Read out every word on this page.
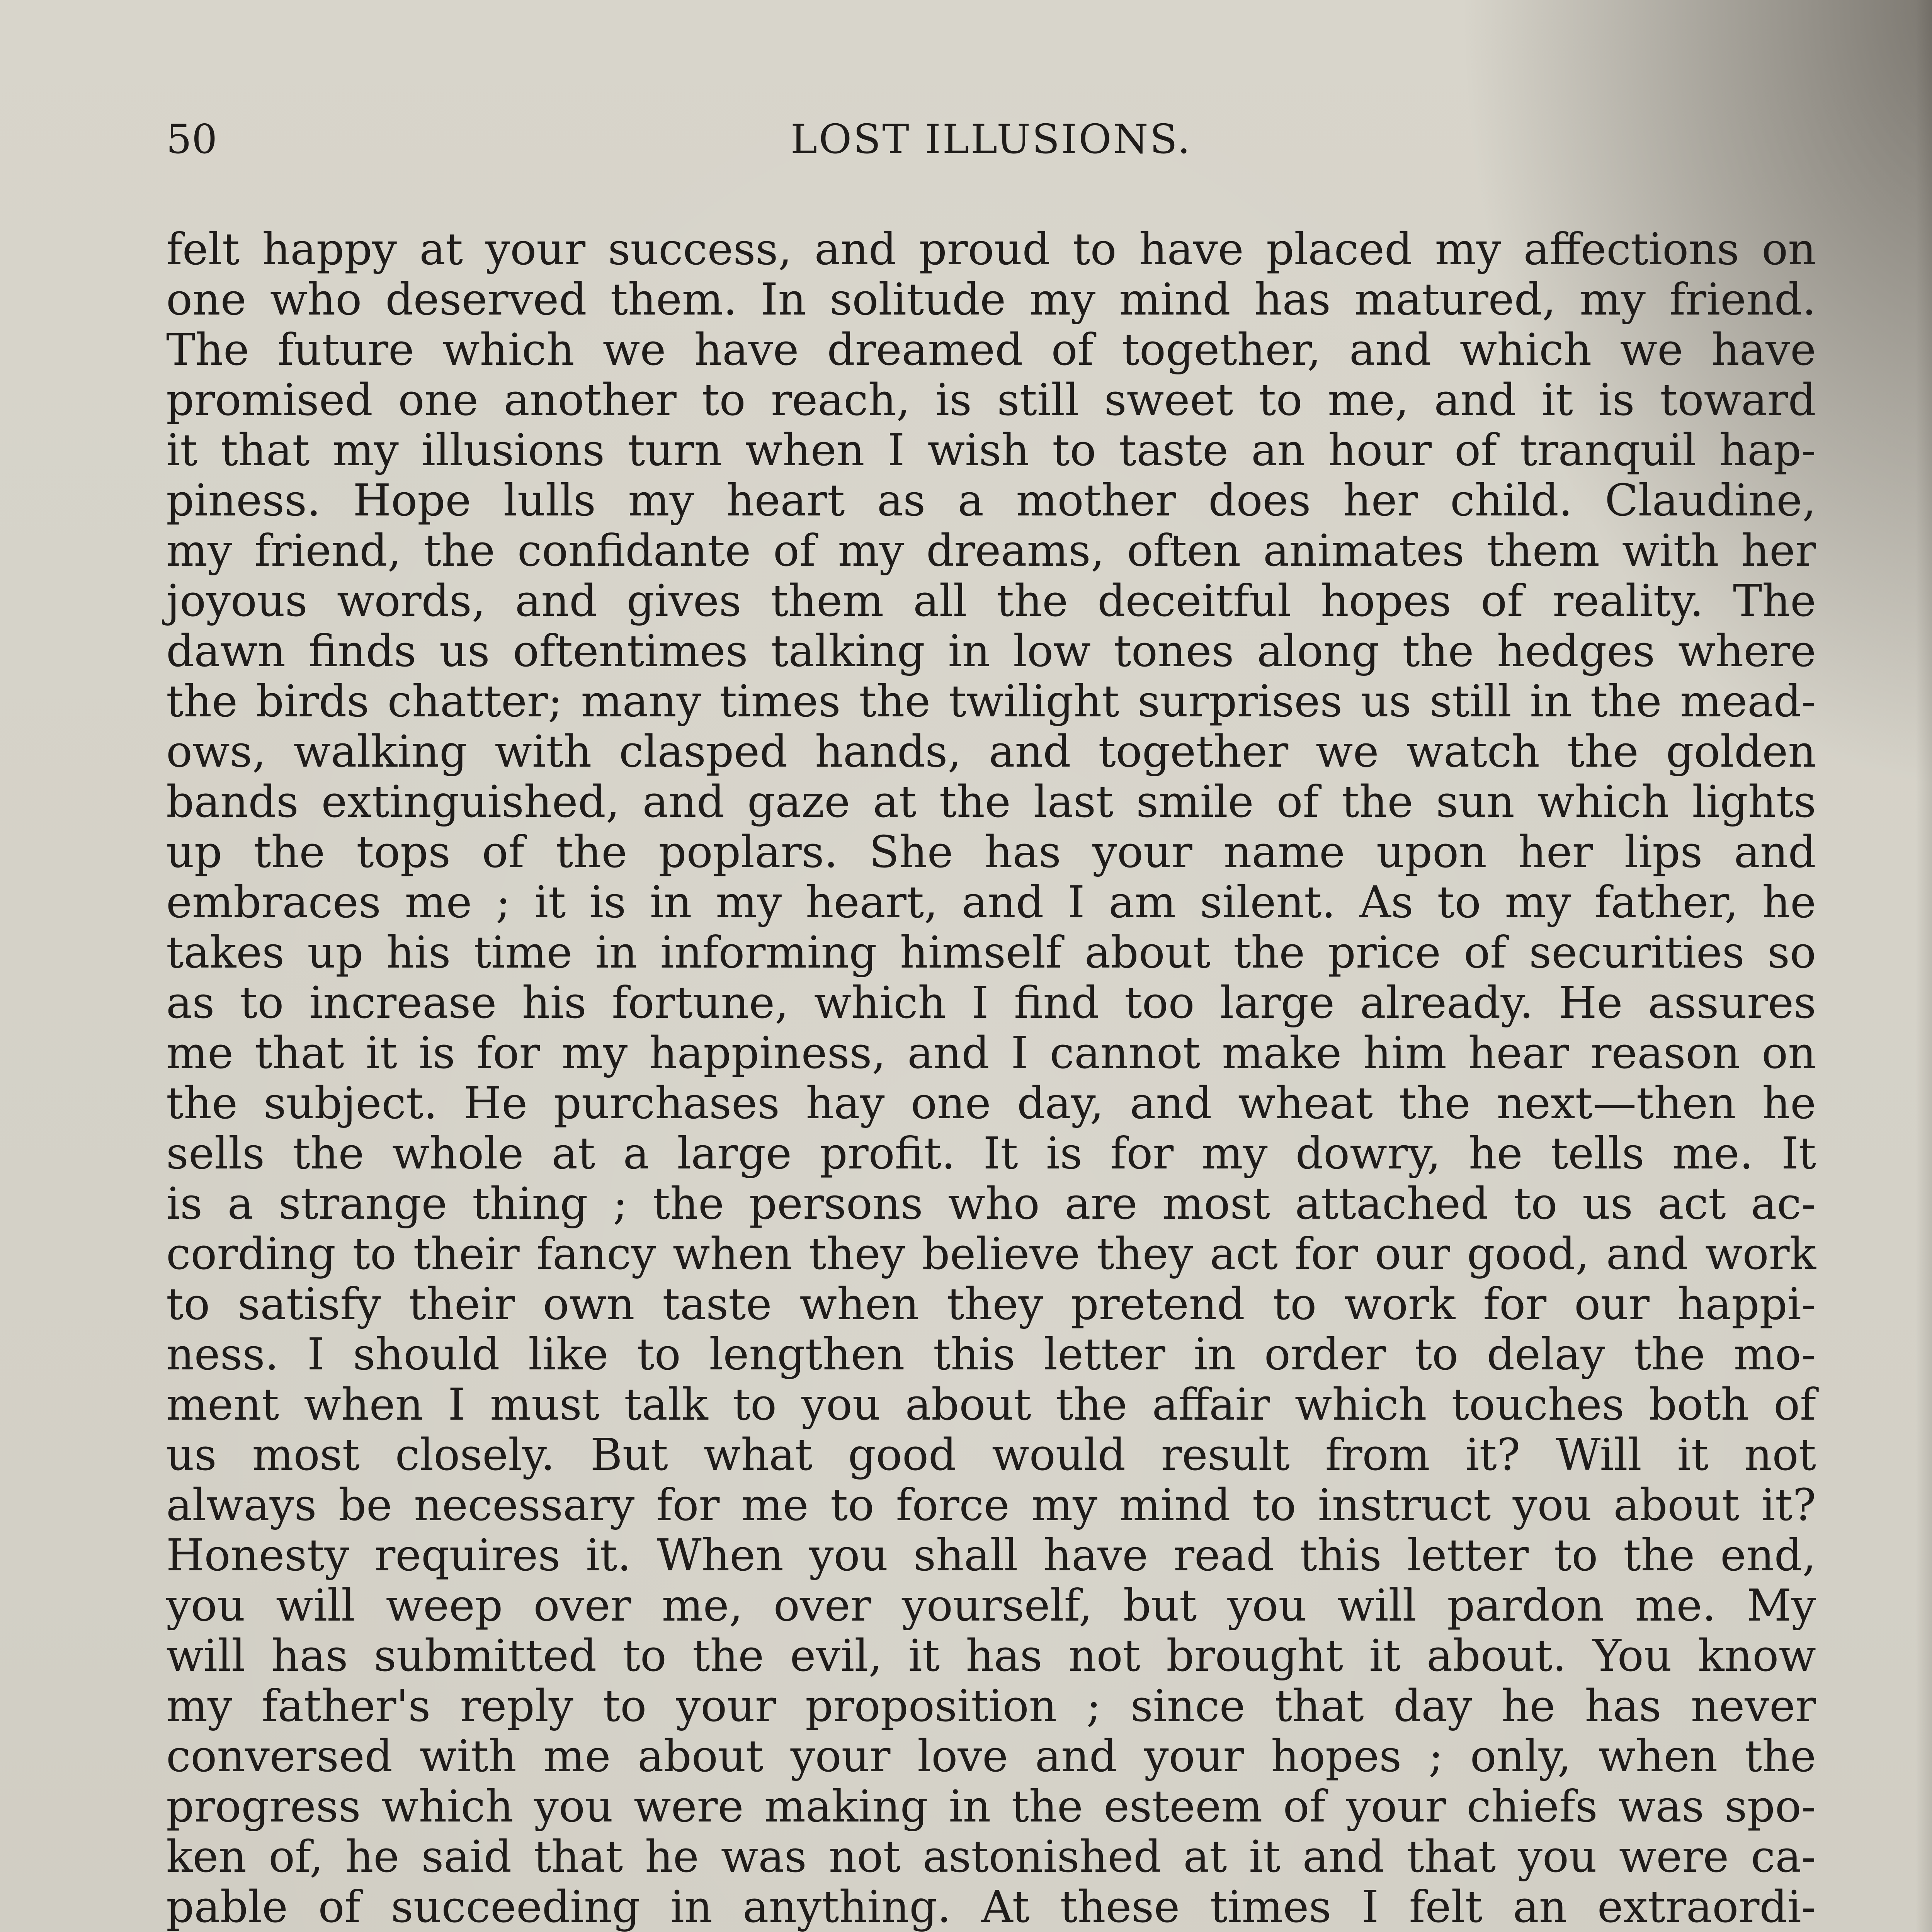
50	LOST ILLUSIONS.
felt happy at your success, and proud to have placed my affections on
one who deserved them. In solitude my mind has matured, my friend.
The future which we have dreamed of together, and which we have
promised one another to reach, is still sweet to me, and it is toward
it that my illusions turn when I wish to taste an hour of tranquil hap-
piness. Hope lulls my heart as a mother does her child. Claudine,
my friend, the confidante of my dreams, often animates them with her
joyous words, and gives them all the deceitful hopes of reality. The
dawn finds us oftentimes talking in low tones along the hedges where
the birds chatter; many times the twilight surprises us still in the mead-
ows, walking with clasped hands, and together we watch the golden
bands extinguished, and gaze at the last smile of the sun which lights
up the tops of the poplars. She has your name upon her lips and
embraces me ; it is in my heart, and I am silent. As to my father, he
takes up his time in informing himself about the price of securities so
as to increase his fortune, which I find too large already. He assures
me that it is for my happiness, and I cannot make him hear reason on
the subject. He purchases hay one day, and wheat the next—then he
sells the whole at a large profit. It is for my dowry, he tells me. It
is a strange thing ; the persons who are most attached to us act ac-
cording to their fancy when they believe they act for our good, and work
to satisfy their own taste when they pretend to work for our happi-
ness. I should like to lengthen this letter in order to delay the mo-
ment when I must talk to you about the affair which touches both of
us most closely. But what good would result from it? Will it not
always be necessary for me to force my mind to instruct you about it?
Honesty requires it. When you shall have read this letter to the end,
you will weep over me, over yourself, but you will pardon me. My
will has submitted to the evil, it has not brought it about. You know
my father's reply to your proposition ; since that day he has never
conversed with me about your love and your hopes ; only, when the
progress which you were making in the esteem of your chiefs was spo-
ken of, he said that he was not astonished at it and that you were ca-
pable of succeeding in anything. At these times I felt an extraordi-
